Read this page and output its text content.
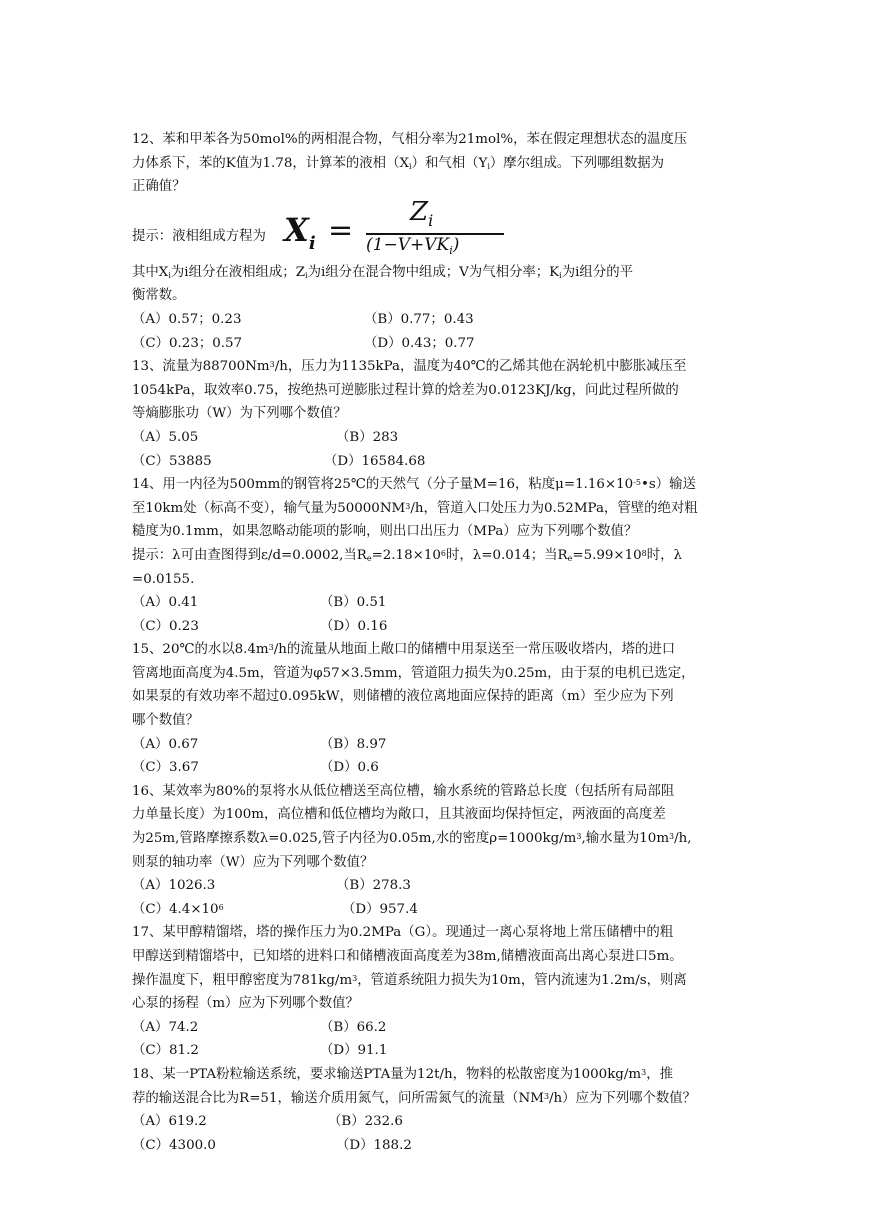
12、苯和甲苯各为50mol%的两相混合物，气相分率为21mol%，苯在假定理想状态的温度压
力体系下，苯的K值为1.78，计算苯的液相$(X_i)$和气相$(Y_i)$摩尔组成。下列哪组数据为
正确值？
提示：液相组成方程为 $X_i$ =
$Z_i$
$(1-V+VK_i)$
其中$X_i$为i组分在液相组成；$Z_i$为i组分在混合物中组成；V为气相分率；$K_i$为i组分的平
衡常数。
（A）0.57；0.23	（B）0.77；0.43
（C）0.23；0.57	（D）0.43；0.77
13、流量为88700Nm$^3$/h，压力为1135kPa，温度为40℃的乙烯其他在涡轮机中膨胀减压至
1054kPa，取效率0.75，按绝热可逆膨胀过程计算的焓差为0.0123KJ/kg，问此过程所做的
等熵膨胀功（W）为下列哪个数值？
（A）5.05	（B）283
（C）53885	（D）16584.68
14、用一内径为500mm的钢管将25℃的天然气（分子量M=16，粘度$\mu=1.16\times 10^{-5}•s$）输送
至10km处（标高不变），输气量为$50000NM^3/h$，管道入口处压力为0.52MPa，管壁的绝对粗
糙度为0.1mm，如果忽略动能项的影响，则出口出压力（MPa）应为下列哪个数值？
提示：λ可由查图得到ε/d=0.0002,当$R_e=2.18\times 10^6$时，λ=0.014；当$R_e=5.99\times 10^8$时，λ
=0.0155.
（A）0.41	（B）0.51
（C）0.23	（D）0.16
15、20℃的水以$8.4m^3/h$的流量从地面上敞口的储槽中用泵送至一常压吸收塔内，塔的进口
管离地面高度为4.5m，管道为φ57×3.5mm，管道阻力损失为0.25m，由于泵的电机已选定，
如果泵的有效功率不超过0.095kW，则储槽的液位离地面应保持的距离（m）至少应为下列
哪个数值？
（A）0.67	（B）8.97
（C）3.67	（D）0.6
16、某效率为80%的泵将水从低位槽送至高位槽，输水系统的管路总长度（包括所有局部阻
力单量长度）为100m，高位槽和低位槽均为敞口，且其液面均保持恒定，两液面的高度差
为25m,管路摩擦系数λ=0.025,管子内径为0.05m,水的密度$\rho=1000kg/m^3$,输水量为$10m^3/h$,
则泵的轴功率（W）应为下列哪个数值？
（A）1026.3	（B）278.3
$(C)4.4\times 10^6$	（D）957.4
17、某甲醇精馏塔，塔的操作压力为0.2MPa（G）。现通过一离心泵将地上常压储槽中的粗
甲醇送到精馏塔中，已知塔的进料口和储槽液面高度差为38m,储槽液面高出离心泵进口5m。
操作温度下，粗甲醇密度为$781kg/m^3$，管道系统阻力损失为10m，管内流速为1.2m/s，则离
心泵的扬程（m）应为下列哪个数值？
（A）74.2	（B）66.2
（C）81.2	（D）91.1
18、某一PTA粉粒输送系统，要求输送PTA量为12t/h，物料的松散密度为$1000kg/m^3$，推
荐的输送混合比为R=51，输送介质用氮气，问所需氮气的流量$(NM^3/h)$应为下列哪个数值？
（A）619.2	（B）232.6
（C）4300.0	（D）188.2
